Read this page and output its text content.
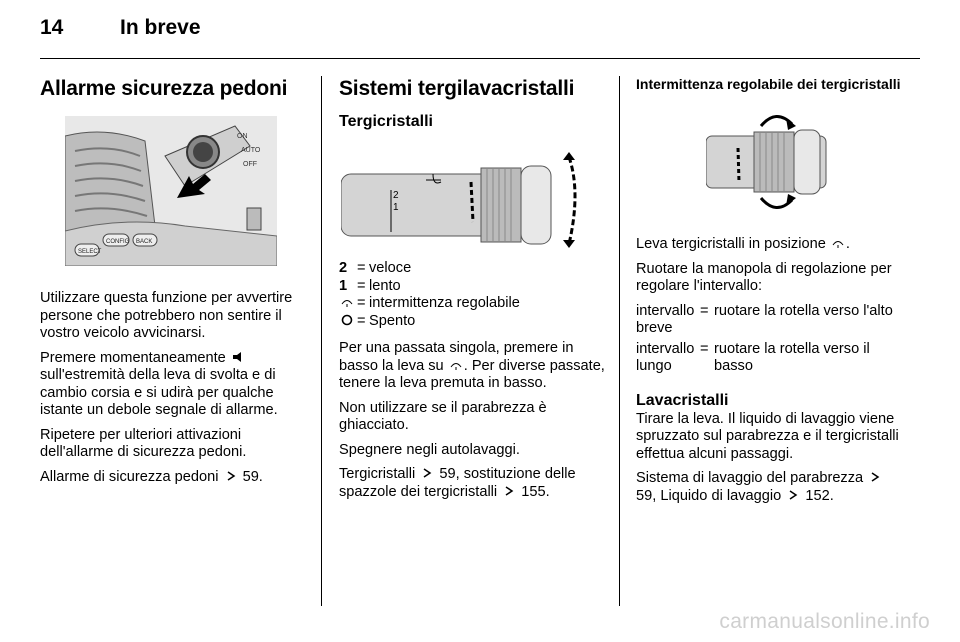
14	In breve
Allarme sicurezza pedoni
ON
AUTO
OFF
SELECT
CONFIG BACK

Utilizzare questa funzione per avvertire persone che potrebbero non sentire il vostro veicolo avvicinarsi.

Premere momentaneamente  sull'estremità della leva di svolta e di cambio corsia e si udirà per qualche istante un debole segnale di allarme.

Ripetere per ulteriori attivazioni dell'allarme di sicurezza pedoni.

Allarme di sicurezza pedoni 59.

Sistemi tergilavacristalli
Tergicristalli
2
1
2 = veloce
1 = lento
= intermittenza regolabile
= Spento

Per una passata singola, premere in basso la leva su . Per diverse passate, tenere la leva premuta in basso.

Non utilizzare se il parabrezza è ghiacciato.

Spegnere negli autolavaggi.

Tergicristalli 59, sostituzione delle spazzole dei tergicristalli 155.

Intermittenza regolabile dei tergicristalli

Leva tergicristalli in posizione .

Ruotare la manopola di regolazione per regolare l'intervallo:

intervallo breve
= ruotare la rotella verso l'alto
intervallo lungo
= ruotare la rotella verso il basso
Lavacristalli

Tirare la leva. Il liquido di lavaggio viene spruzzato sul parabrezza e il tergicristalli effettua alcuni passaggi.

Sistema di lavaggio del parabrezza  59, Liquido di lavaggio 152.

carmanualsonline.info
